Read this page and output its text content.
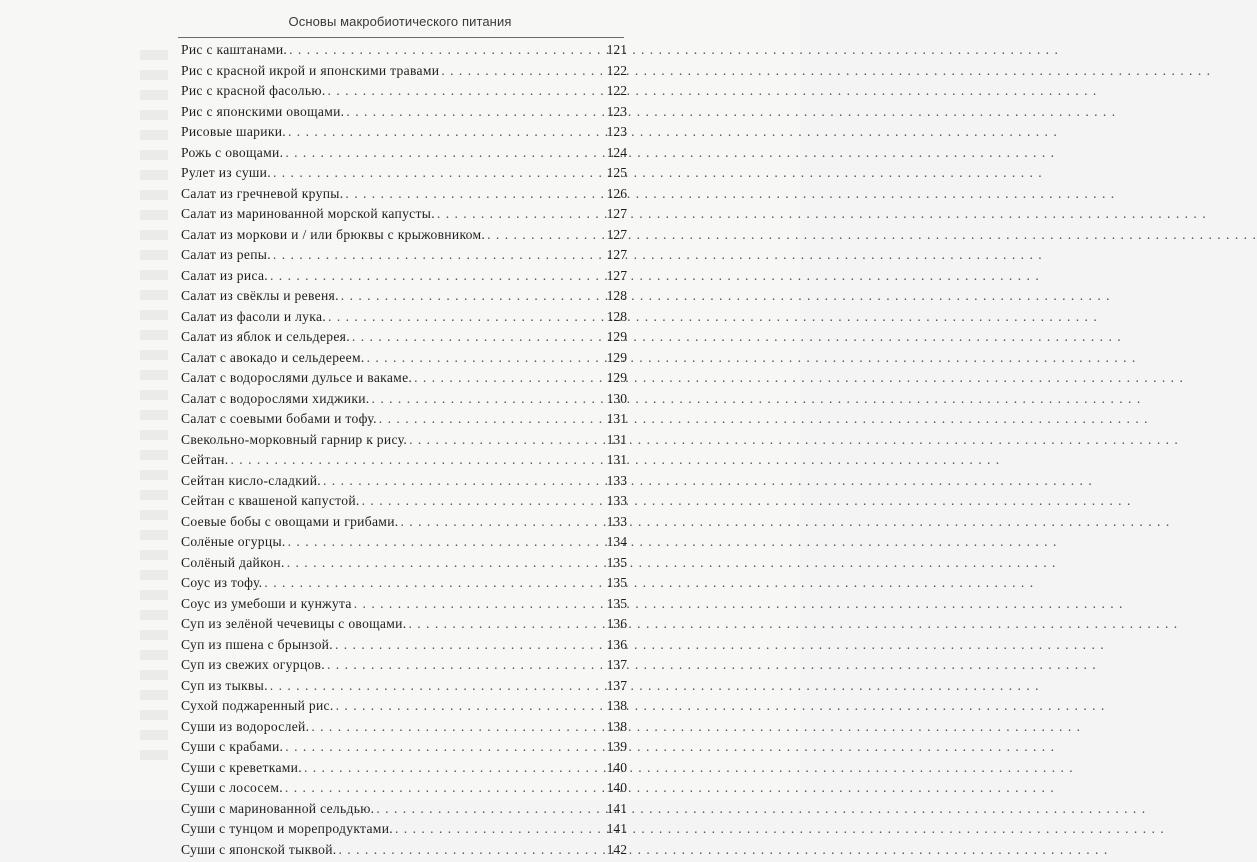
Основы макробиотического питания
Рис с каштанами. . . .	121
Рис с красной икрой и японскими травами . . .	122
Рис с красной фасолью. . . .	122
Рис с японскими овощами. . . .	123
Рисовые шарики. . . .	123
Рожь с овощами. . . .	124
Рулет из суши. . . .	125
Салат из гречневой крупы. . . .	126
Салат из маринованной морской капусты. . . .	127
Салат из моркови и / или брюквы с крыжовником. . . .	127
Салат из репы. . . .	127
Салат из риса. . . .	127
Салат из свёклы и ревеня. . . .	128
Салат из фасоли и лука. . . .	128
Салат из яблок и сельдерея. . . .	129
Салат с авокадо и сельдереем. . . .	129
Салат с водорослями дульсе и вакаме. . . .	129
Салат с водорослями хиджики. . . .	130
Салат с соевыми бобами и тофу. . . .	131
Свекольно-морковный гарнир к рису. . . .	131
Сейтан. . . .	131
Сейтан кисло-сладкий. . . .	133
Сейтан с квашеной капустой. . . .	133
Соевые бобы с овощами и грибами. . . .	133
Солёные огурцы. . . .	134
Солёный дайкон. . . .	135
Соус из тофу. . . .	135
Соус из умебоши и кунжута . . .	135
Суп из зелёной чечевицы с овощами. . . .	136
Суп из пшена с брынзой. . . .	136
Суп из свежих огурцов. . . .	137
Суп из тыквы. . . .	137
Сухой поджаренный рис. . . .	138
Суши из водорослей. . . .	138
Суши с крабами. . . .	139
Суши с креветками. . . .	140
Суши с лососем. . . .	140
Суши с маринованной сельдью. . . .	141
Суши с тунцом и морепродуктами. . . .	141
Суши с японской тыквой. . . .	142
